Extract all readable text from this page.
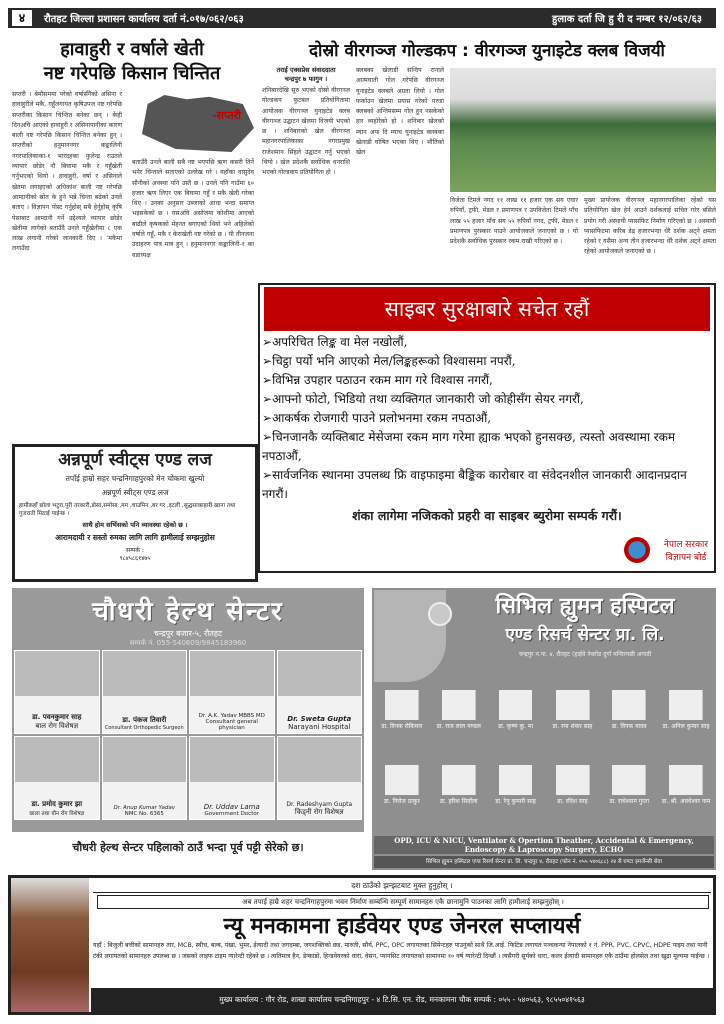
४	रौतहट जिल्ला प्रशासन कार्यालय दर्ता नं.०१७/०६२/०६३	हुलाक दर्ता जि हु री द नम्बर १२/०६२/६३
हावाहुरी र वर्षाले खेती
नष्ट गरेपछि किसान चिन्तित
सप्तरी । बेमौसममा परेको वर्षासँगैको असिना र हावाहुरीले मकै, गहुँलगायत कृषिउपज नष्ट गरेपछि सप्तरीका किसान चिन्तित बनेका छन् । केही दिनअघि आएको हावाहुरी र असिनापानीका कारण बाली नष्ट गरेपछि किसान चिन्तित बनेका हुन् । सप्तरीको हनुमाननगर कङ्कालिनी नगरपालिकाका-१ भारदहका फुलेन्द्र राउतले व्यापार छोडेर नौ बिघामा मकै र गहुँखेती गर्नुभएको थियो । हावाहुरी, वर्षा र असिनाले खेतमा लगाइएको अधिकांश बाली नष्ट गरेपछि आम्दानीको स्रोत के हुने भन्ने चिन्ता बढेको उनले बताए । विज्ञापन पोस्ट गर्नुहोस् सबै हेर्नुहोस् कृषि पेसाबाट आम्दानी गर्ने उद्देश्यले व्यापार छोडेर खेतीमा लागेको बताउँदै उनले गहुँखेतीमा ८ एक लाख लगानी गरेको जानकारी दिए । ‘मकैमा लगाउँदा
-सप्तरी
बताउँदै उनले बाली सबै नष्ट भएपछि ऋण कसरी तिर्ने भनेर चिन्ताले सताएको उल्लेख गरे । यहाँका वासुदेव सौनीको अवस्था पनि उस्तै छ । उनले पनि गाउँमा ६० हजार ऋण लिएर एक बिघामा गहुँ र मकै खेती गरेका थिए । उनका अनुसार उब्जाको आधा भन्दा समाप्त भइसकेको छ । यसअघि असोजमा कोशीमा आएको बाढीले कृषकको मेहनत बगाएको थियो भने अहिलेको वर्षाले गहुँ, मकै र केराखेती नष्ट गरेको छ । यी तीनजना उदाहरण पात्र मात्र हुन् । हनुमाननगर कङ्कालिनी-१ का वडाध्यक्ष
दोस्रो वीरगञ्ज गोल्डकप : वीरगञ्ज युनाइटेड क्लब विजयी
तराई एक्सप्रेस संवाददाता
चन्द्रपुर ७ फागुन ।
शनिबारदेखि सुरु भएको दोस्रो वीरगञ्ज गोल्डकप फुटबल प्रतियोगितामा आयोजक वीरगञ्ज युनाइटेड क्लब वीरगञ्ज उद्घाटन खेलमा विजयी भएको छ । शनिबारको खेल वीरगञ्ज महानगरपालिकाका नगरप्रमुख राजेशमान सिंहले उद्घाटन गर्नु भएको थियो । खेल प्रदेशकै सर्वाधिक धनराशि भएको गोल्डकप प्रतियोगिता हो ।
क्लबका खेलाडी सन्दिप रानाले आत्मघाती गोल गरेपछि वीरगञ्ज युनाइटेड क्लबले अग्रता लियो । गोल फर्काउन खेलमा प्रयास गरेको गरुडा क्लबको अन्तिमसम्म गोल हुन नसकेको हार व्यहोरेको हो । शनिबार खेलको म्यान अफ दि म्याच युनाइटेड क्लबका खेलाडी घोषित भएका थिए । भौतिको खेल
विजेता टिमले नगद ११ लाख ११ हजार एक सय एघार रुपियाँ, ट्रफी, मेडल र प्रमाणपत्र र उपविजेता टिमले पाँच लाख ५५ हजार पाँच सय ५५ रुपियाँ नगद, ट्रफी, मेडल र प्रमाणपत्र पुरस्कार पाउने आयोजकले जनाएको छ । यो प्रदेशकै सर्वाधिक पुरस्कार रकम राखी गरिएको छ ।
मुख्य प्रायोजक वीरगञ्ज महानगरपालिका रहेको यस प्रतियोगिता खेल हेर्न आउने दर्शकलाई सचित गरेर बसिले प्रयोग गरी अस्थायी प्यासफिट निर्माण गरिएको छ । अस्थायी प्यासफिटमा करिब डेढ हजारभन्दा धेरै दर्शक अट्ने क्षमता रहेको र यसैमा अन्य तीन हजारभन्दा धेरै दर्शक अट्ने क्षमता रहेको आयोजकले जनाएको छ ।
साइबर सुरक्षाबारे सचेत रहौं
➢अपरिचित लिङ्क वा मेल नखोलौं,
➢चिट्ठा पर्यो भनि आएको मेल/लिङ्कहरूको विश्वासमा नपरौं,
➢विभिन्न उपहार पठाउन रकम माग गरे विश्वास नगरौं,
➢आफ्नो फोटो, भिडियो तथा व्यक्तिगत जानकारी जो कोहीसँग सेयर नगरौं,
➢आकर्षक रोजगारी पाउने प्रलोभनमा रकम नपठाऔं,
➢चिनजानकै व्यक्तिबाट मेसेजमा रकम माग गरेमा ह्याक भएको हुनसक्छ, त्यस्तो अवस्थामा रकम नपठाऔं,
➢सार्वजनिक स्थानमा उपलब्ध फ्रि वाइफाइमा बैङ्किक कारोबार वा संवेदनशील जानकारी आदानप्रदान नगरौं।
शंका लागेमा नजिकको प्रहरी वा साइबर ब्युरोमा सम्पर्क गरौं।
नेपाल सरकार
विज्ञापन बोर्ड
अन्नपूर्ण स्वीट्स एण्ड लज
तपाँई हाम्रो सहर चन्द्रनिगाहपुरको मेन चोकमा खुल्यो
अन्नपूर्ण स्वीट्स एण्ड लज
हामीकहाँ छोला भटुरा,पुरी तरकारी,डोसा,समोसा ,मम ,चाउमिन ,बर गर ,इटली ,सुद्धसाकाहारी खाना तथा गुजराती मिठाई पाईन्छ ।
साथै होम सर्भिसको पनि व्यावस्था रहेको छ ।
आरामदायी र सस्तो रुमका लागि लागि हामीलाई सम्झनुहोस
सम्पर्क :
९८४५८६१४७५
चौधरी हेल्थ सेन्टर
चन्द्रपुर बजार-५, रौतहट
सम्पर्क नं. 055-540609/9845183960
डा. पवनकुमार साह
बाल रोग विशेषज्ञ
डा. पंकज तिवारी
Consultant Orthopedic Surgeon
Dr. A.K. Yadav MBBS MD
Consultant general physician
Dr. Sweta Gupta
Narayani Hospital
डा. प्रमोद कुमार झा
छाला तथा यौन रोग विशेषज्ञ
Dr. Anup Kumar Yadav
NMC No. 6365
Dr. Uddav Lama
Government Doctor
Dr. Radeshyam Gupta
किड्नी रोग विशेषज्ञ
चौधरी हेल्थ सेन्टर पहिलाको ठाउँ भन्दा पूर्व पट्टी सेरेको छ।
सिभिल ह्युमन हस्पिटल
एण्ड रिसर्च सेन्टर प्रा. लि.
चन्द्रपुर न.पा. ४, रौतहट (हाईवे नेबरोड दुगाँ मन्दिरपछी अगाडी
डा. दिपक रोकिमार	डा. राज लाल मण्डल	डा. कृष्ण कु. मा	डा. रमा शंकर साह	डा. दिपक यादव	डा. अनिल कुमार साह
डा. निरोज ठाकुर	डा. हरिश सिर्दोला	डा. रेनु कुमारी साह	डा. रदिश साह	डा. राधेश्याम गुप्ता	डा. श्री. अवधेश्वर नाम
OPD, ICU & NICU, Ventilator & Opertion Theather, Accidental & Emergency, Endoscopy & Laproscopy Surgery, ECHO
सिभिल ह्युमन हस्पिटल एण्ड रिसर्च सेन्टर प्रा. लि. चन्द्रपुर ४, रौतहट (फोन नं. ०५५ ५४०६८८) २४ सै घण्टा इमर्जेन्सी सेवा
दश ठाउँको झन्झटबाट मुक्त हुनुहोस् ।
अब तपाई हाम्रै शहर चन्द्रनिगाहपुरमा भवन निर्माण सम्बन्धि सम्पूर्ण सामानहरु एकै छानामुनि पाउनका लागि हामीलाई सम्झनुहोस् ।
न्यू मनकामना हार्डवेयर एण्ड जेनरल सप्लायर्स
यहाँ : बिजुली बत्तीको सामानहरु तार, MCB, स्वीच, बल्ब, पंखा, भुमर, ईत्यादी तथा जगदम्बा, जगशक्तिको छड, मारुती, सौर्य, PPC, OPC लगायतका सिमेन्टहरु पाउनुको साथै जि.आई. फिटिङ लगायत पञ्चकन्या नेपालको १ नं. PPR, PVC, CPVC, HDPE पाइप तथा पानी टंकी लगायतको सामानहरु उपलब्ध छ । जसको लाइफ टाइम ग्यारेन्टी रहेको छ । त्यतिमात्र हैन, डेन्काडो, हिन्डवेयरको धारा, वेसन, प्यानसिट लगायतको सामानमा १० वर्ष ग्यारेन्टी दिन्छौं । त्यसैगरी सूर्यको धारा, कलर ईत्यादी सामानहरु एकै ठाउँमा होलसेल तथा खुद्रा मूल्यमा पाईन्छ ।
मुख्य कार्यालय : गौर रोड, शाखा कार्यालय चन्द्रनिगाहपुर - ४ टि.सि. एन. रोड, मनकामना चौक सम्पर्क : ०५५ - ५४०५६३, ९८५५०४१५६३
